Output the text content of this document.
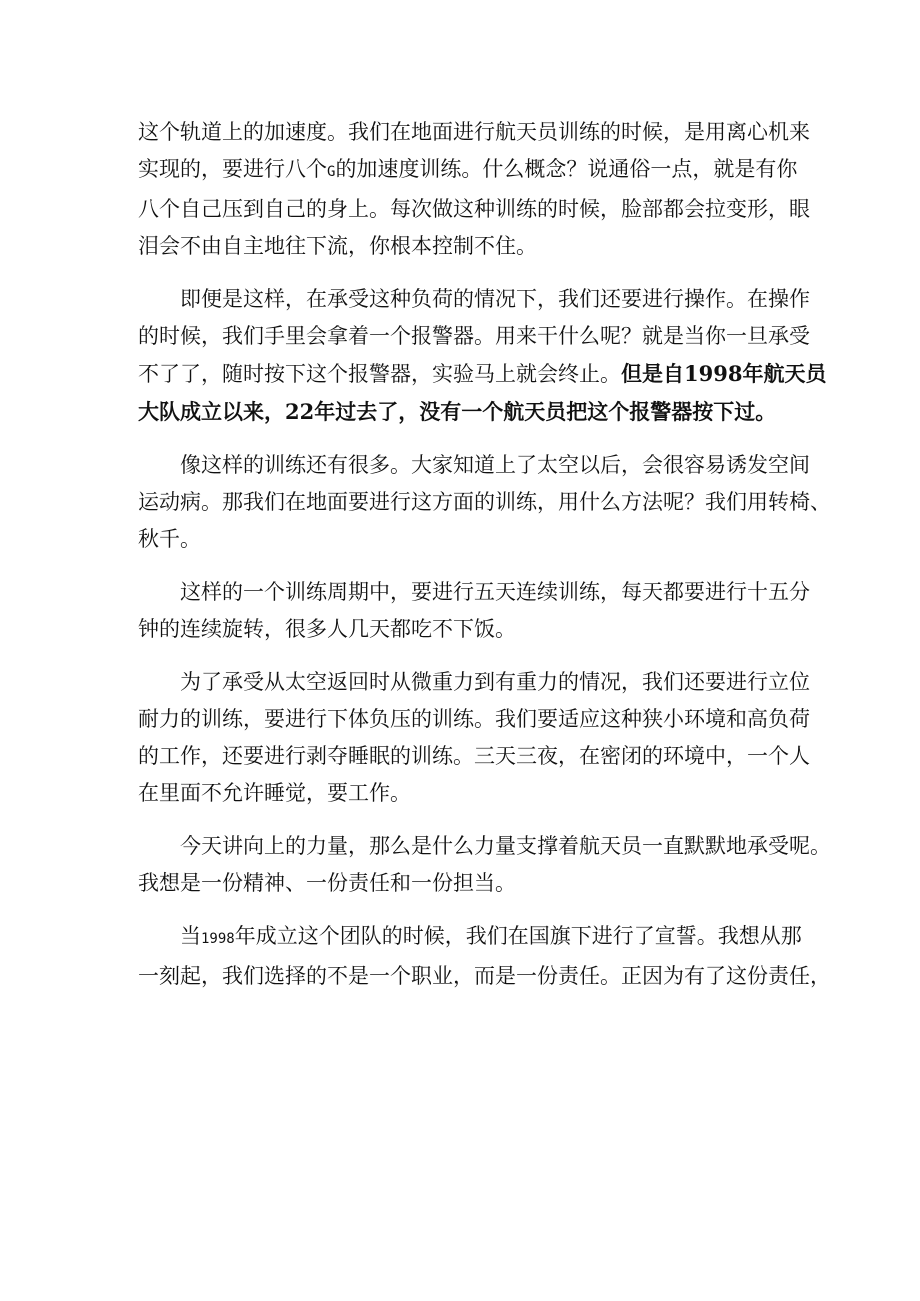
这个轨道上的加速度。我们在地面进行航天员训练的时候，是用离心机来
实现的，要进行八个G的加速度训练。什么概念？说通俗一点，就是有你
八个自己压到自己的身上。每次做这种训练的时候，脸部都会拉变形，眼
泪会不由自主地往下流，你根本控制不住。

即便是这样，在承受这种负荷的情况下，我们还要进行操作。在操作
的时候，我们手里会拿着一个报警器。用来干什么呢？就是当你一旦承受
不了了，随时按下这个报警器，实验马上就会终止。但是自1998年航天员
大队成立以来，22年过去了，没有一个航天员把这个报警器按下过。

像这样的训练还有很多。大家知道上了太空以后，会很容易诱发空间
运动病。那我们在地面要进行这方面的训练，用什么方法呢？我们用转椅、
秋千。

这样的一个训练周期中，要进行五天连续训练，每天都要进行十五分
钟的连续旋转，很多人几天都吃不下饭。

为了承受从太空返回时从微重力到有重力的情况，我们还要进行立位
耐力的训练，要进行下体负压的训练。我们要适应这种狭小环境和高负荷
的工作，还要进行剥夺睡眠的训练。三天三夜，在密闭的环境中，一个人
在里面不允许睡觉，要工作。

今天讲向上的力量，那么是什么力量支撑着航天员一直默默地承受呢。
我想是一份精神、一份责任和一份担当。

当1998年成立这个团队的时候，我们在国旗下进行了宣誓。我想从那
一刻起，我们选择的不是一个职业，而是一份责任。正因为有了这份责任，
